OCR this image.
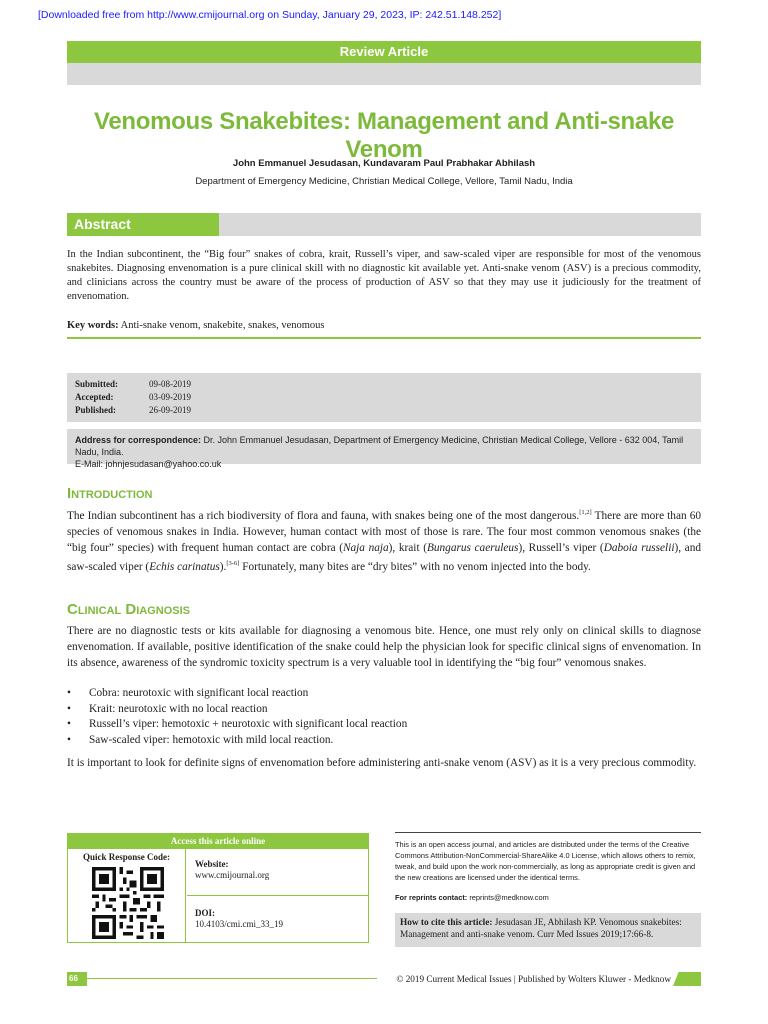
[Downloaded free from http://www.cmijournal.org on Sunday, January 29, 2023, IP: 242.51.148.252]
Review Article
Venomous Snakebites: Management and Anti-snake Venom
John Emmanuel Jesudasan, Kundavaram Paul Prabhakar Abhilash
Department of Emergency Medicine, Christian Medical College, Vellore, Tamil Nadu, India
Abstract

In the Indian subcontinent, the “Big four” snakes of cobra, krait, Russell’s viper, and saw-scaled viper are responsible for most of the venomous snakebites. Diagnosing envenomation is a pure clinical skill with no diagnostic kit available yet. Anti-snake venom (ASV) is a precious commodity, and clinicians across the country must be aware of the process of production of ASV so that they may use it judiciously for the treatment of envenomation.

Key words: Anti-snake venom, snakebite, snakes, venomous
Submitted:	09-08-2019
Accepted:	03-09-2019
Published:	26-09-2019
Address for correspondence: Dr. John Emmanuel Jesudasan, Department of Emergency Medicine, Christian Medical College, Vellore - 632 004, Tamil Nadu, India.
E-Mail: johnjesudasan@yahoo.co.uk
Introduction

The Indian subcontinent has a rich biodiversity of flora and fauna, with snakes being one of the most dangerous.[1,2] There are more than 60 species of venomous snakes in India. However, human contact with most of those is rare. The four most common venomous snakes (the “big four” species) with frequent human contact are cobra (Naja naja), krait (Bungarus caeruleus), Russell’s viper (Daboia russelii), and saw-scaled viper (Echis carinatus).[3-6] Fortunately, many bites are “dry bites” with no venom injected into the body.

Clinical Diagnosis

There are no diagnostic tests or kits available for diagnosing a venomous bite. Hence, one must rely only on clinical skills to diagnose envenomation. If available, positive identification of the snake could help the physician look for specific clinical signs of envenomation. In its absence, awareness of the syndromic toxicity spectrum is a very valuable tool in identifying the “big four” venomous snakes.

• Cobra: neurotoxic with significant local reaction
• Krait: neurotoxic with no local reaction
• Russell’s viper: hemotoxic + neurotoxic with significant local reaction
• Saw-scaled viper: hemotoxic with mild local reaction.

It is important to look for definite signs of envenomation before administering anti-snake venom (ASV) as it is a very precious commodity.

Access this article online
Quick Response Code:
Website:
www.cmijournal.org
DOI:
10.4103/cmi.cmi_33_19
This is an open access journal, and articles are distributed under the terms of the Creative Commons Attribution-NonCommercial-ShareAlike 4.0 License, which allows others to remix, tweak, and build upon the work non-commercially, as long as appropriate credit is given and the new creations are licensed under the identical terms.
For reprints contact: reprints@medknow.com
How to cite this article: Jesudasan JE, Abhilash KP. Venomous snakebites: Management and anti-snake venom. Curr Med Issues 2019;17:66-8.
66	© 2019 Current Medical Issues | Published by Wolters Kluwer - Medknow
